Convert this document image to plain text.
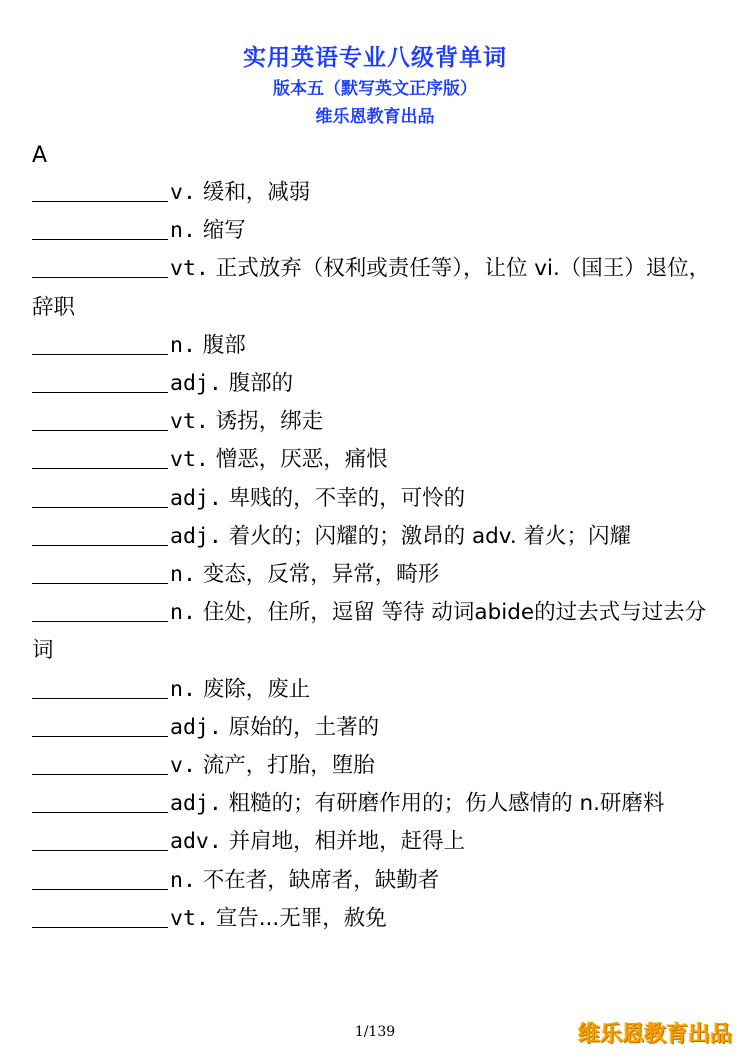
实用英语专业八级背单词
版本五（默写英文正序版）
维乐恩教育出品
A
v. 缓和，减弱
n. 缩写
vt. 正式放弃（权利或责任等），让位 vi.（国王）退位，辞职
n. 腹部
adj. 腹部的
vt. 诱拐，绑走
vt. 憎恶，厌恶，痛恨
adj. 卑贱的，不幸的，可怜的
adj. 着火的；闪耀的；激昂的 adv. 着火；闪耀
n. 变态，反常，异常，畸形
n. 住处，住所，逗留 等待 动词abide的过去式与过去分词
n. 废除，废止
adj. 原始的，土著的
v. 流产，打胎，堕胎
adj. 粗糙的；有研磨作用的；伤人感情的 n.研磨料
adv. 并肩地，相并地，赶得上
n. 不在者，缺席者，缺勤者
vt. 宣告...无罪，赦免
1/139	维乐恩教育出品
